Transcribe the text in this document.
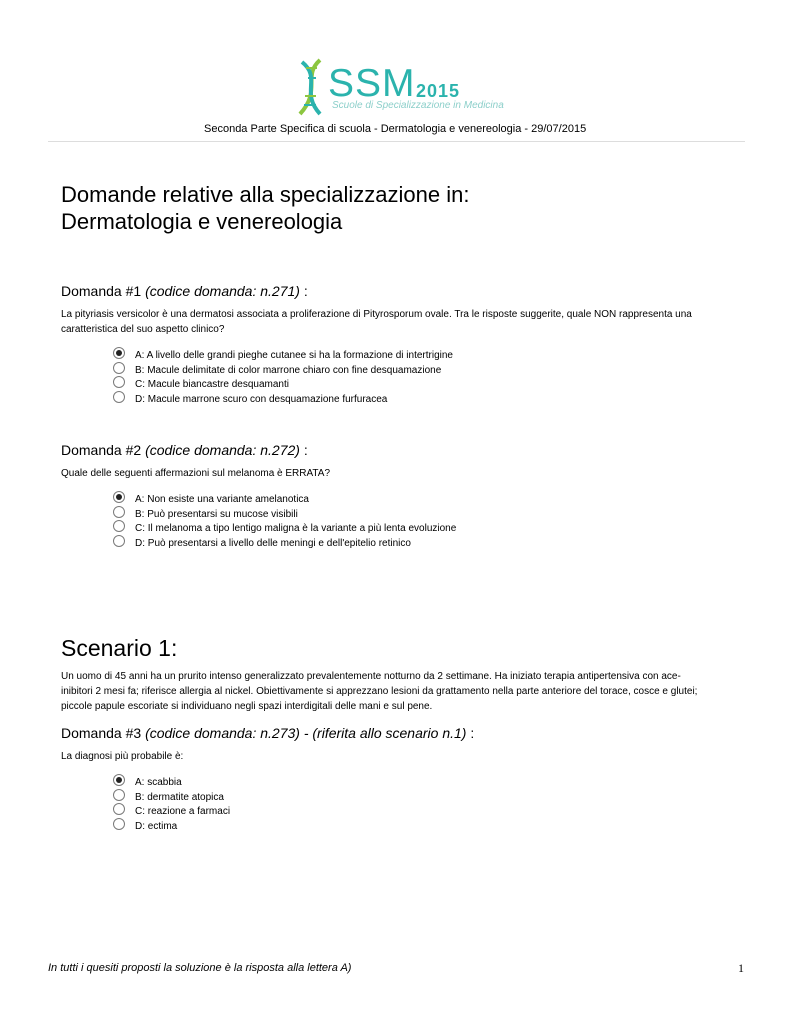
SSM 2015
Scuole di Specializzazione in Medicina
Seconda Parte Specifica di scuola - Dermatologia e venereologia - 29/07/2015
Domande relative alla specializzazione in:
Dermatologia e venereologia
Domanda #1 (codice domanda: n.271) :
La pityriasis versicolor è una dermatosi associata a proliferazione di Pityrosporum ovale. Tra le risposte suggerite, quale NON rappresenta una caratteristica del suo aspetto clinico?
A: A livello delle grandi pieghe cutanee si ha la formazione di intertrigine
B: Macule delimitate di color marrone chiaro con fine desquamazione
C: Macule biancastre desquamanti
D: Macule marrone scuro con desquamazione furfuracea
Domanda #2 (codice domanda: n.272) :
Quale delle seguenti affermazioni sul melanoma è ERRATA?
A: Non esiste una variante amelanotica
B: Può presentarsi su mucose visibili
C: Il melanoma a tipo lentigo maligna è la variante a più lenta evoluzione
D: Può presentarsi a livello delle meningi e dell'epitelio retinico
Scenario 1:
Un uomo di 45 anni ha un prurito intenso generalizzato prevalentemente notturno da 2 settimane. Ha iniziato terapia antipertensiva con ace-inibitori 2 mesi fa; riferisce allergia al nickel. Obiettivamente si apprezzano lesioni da grattamento nella parte anteriore del torace, cosce e glutei; piccole papule escoriate si individuano negli spazi interdigitali delle mani e sul pene.
Domanda #3 (codice domanda: n.273) - (riferita allo scenario n.1) :
La diagnosi più probabile è:
A: scabbia
B: dermatite atopica
C: reazione a farmaci
D: ectima
In tutti i quesiti proposti la soluzione è la risposta alla lettera A)	1
